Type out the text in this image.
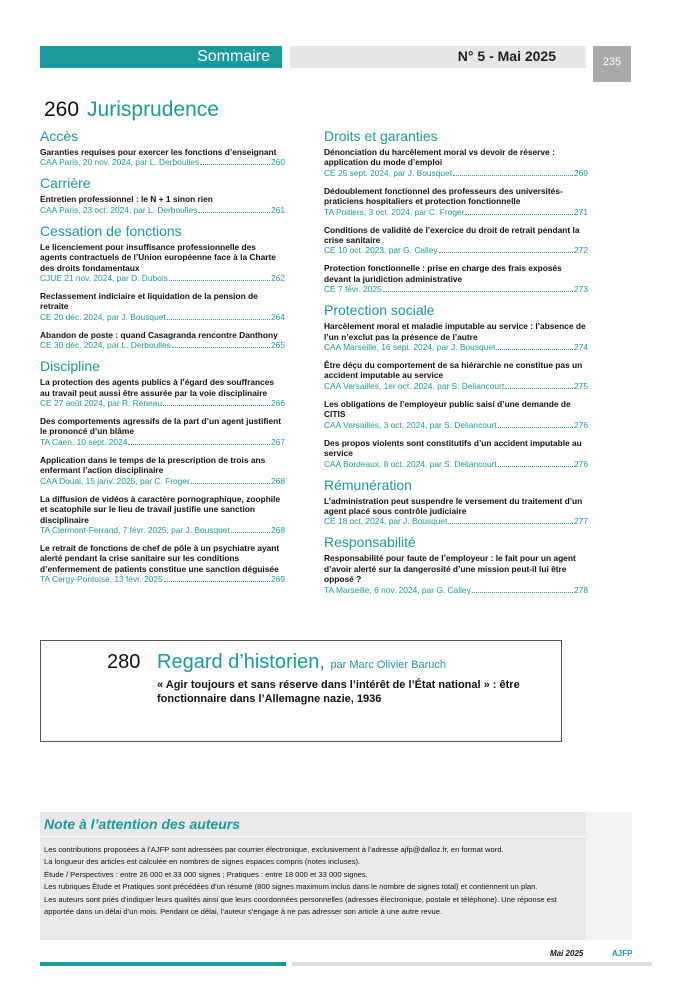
Sommaire	N° 5 - Mai 2025	235
260 Jurisprudence
Accès
Garanties requises pour exercer les fonctions d’enseignant
CAA Paris, 20 nov. 2024, par L. Derboulles	260
Carrière
Entretien professionnel : le N + 1 sinon rien
CAA Paris, 23 oct. 2024, par L. Derboulles	261
Cessation de fonctions
Le licenciement pour insuffisance professionnelle des agents contractuels de l’Union européenne face à la Charte des droits fondamentaux
CJUE 21 nov. 2024, par D. Dubois	262
Reclassement indiciaire et liquidation de la pension de retraite
CE 20 déc. 2024, par J. Bousquet	264
Abandon de poste : quand Casagranda rencontre Danthony
CE 30 déc. 2024, par L. Derboulles	265
Discipline
La protection des agents publics à l’égard des souffrances au travail peut aussi être assurée par la voie disciplinaire
CE 27 août 2024, par R. Reneau	266
Des comportements agressifs de la part d’un agent justifient le prononcé d’un blâme
TA Caen, 10 sept. 2024	267
Application dans le temps de la prescription de trois ans enfermant l’action disciplinaire
CAA Douai, 15 janv. 2025, par C. Froger	268
La diffusion de vidéos à caractère pornographique, zoophile et scatophile sur le lieu de travail justifie une sanction disciplinaire
TA Clermont-Ferrand, 7 févr. 2025, par J. Bousquet	268
Le retrait de fonctions de chef de pôle à un psychiatre ayant alerté pendant la crise sanitaire sur les conditions d’enfermement de patients constitue une sanction déguisée
TA Cergy-Pontoise, 13 févr. 2025	269
Droits et garanties
Dénonciation du harcèlement moral vs devoir de réserve : application du mode d’emploi
CE 25 sept. 2024, par J. Bousquet	269
Dédoublement fonctionnel des professeurs des universités-praticiens hospitaliers et protection fonctionnelle
TA Poitiers, 3 oct. 2024, par C. Froger	271
Conditions de validité de l’exercice du droit de retrait pendant la crise sanitaire
CE 10 oct. 2023, par G. Calley	272
Protection fonctionnelle : prise en charge des frais exposés devant la juridiction administrative
CE 7 févr. 2025	273
Protection sociale
Harcèlement moral et maladie imputable au service : l’absence de l’un n’exclut pas la présence de l’autre
CAA Marseille, 16 sept. 2024, par J. Bousquet	274
Être déçu du comportement de sa hiérarchie ne constitue pas un accident imputable au service
CAA Versailles, 1er oct. 2024, par S. Deliancourt	275
Les obligations de l’employeur public saisi d’une demande de CITIS
CAA Versailles, 3 oct. 2024, par S. Deliancourt	276
Des propos violents sont constitutifs d’un accident imputable au service
CAA Bordeaux, 8 oct. 2024, par S. Deliancourt	276
Rémunération
L’administration peut suspendre le versement du traitement d’un agent placé sous contrôle judiciaire
CE 18 oct. 2024, par J. Bousquet	277
Responsabilité
Responsabilité pour faute de l’employeur : le fait pour un agent d’avoir alerté sur la dangerosité d’une mission peut-il lui être opposé ?
TA Marseille, 6 nov. 2024, par G. Calley	278
280 Regard d’historien, par Marc Olivier Baruch
« Agir toujours et sans réserve dans l’intérêt de l’État national » : être fonctionnaire dans l’Allemagne nazie, 1936
Note à l’attention des auteurs
Les contributions proposées à l’AJFP sont adressées par courrier électronique, exclusivement à l’adresse ajfp@dalloz.fr, en format word.
La longueur des articles est calculée en nombres de signes espaces compris (notes incluses).
Étude / Perspectives : entre 26 000 et 33 000 signes ; Pratiques : entre 18 000 et 33 000 signes.
Les rubriques Étude et Pratiques sont précédées d’un résumé (800 signes maximum inclus dans le nombre de signes total) et contiennent un plan.
Les auteurs sont priés d’indiquer leurs qualités ainsi que leurs coordonnées personnelles (adresses électronique, postale et téléphone). Une réponse est apportée dans un délai d’un mois. Pendant ce délai, l’auteur s’engage à ne pas adresser son article à une autre revue.
Mai 2025	AJFP
